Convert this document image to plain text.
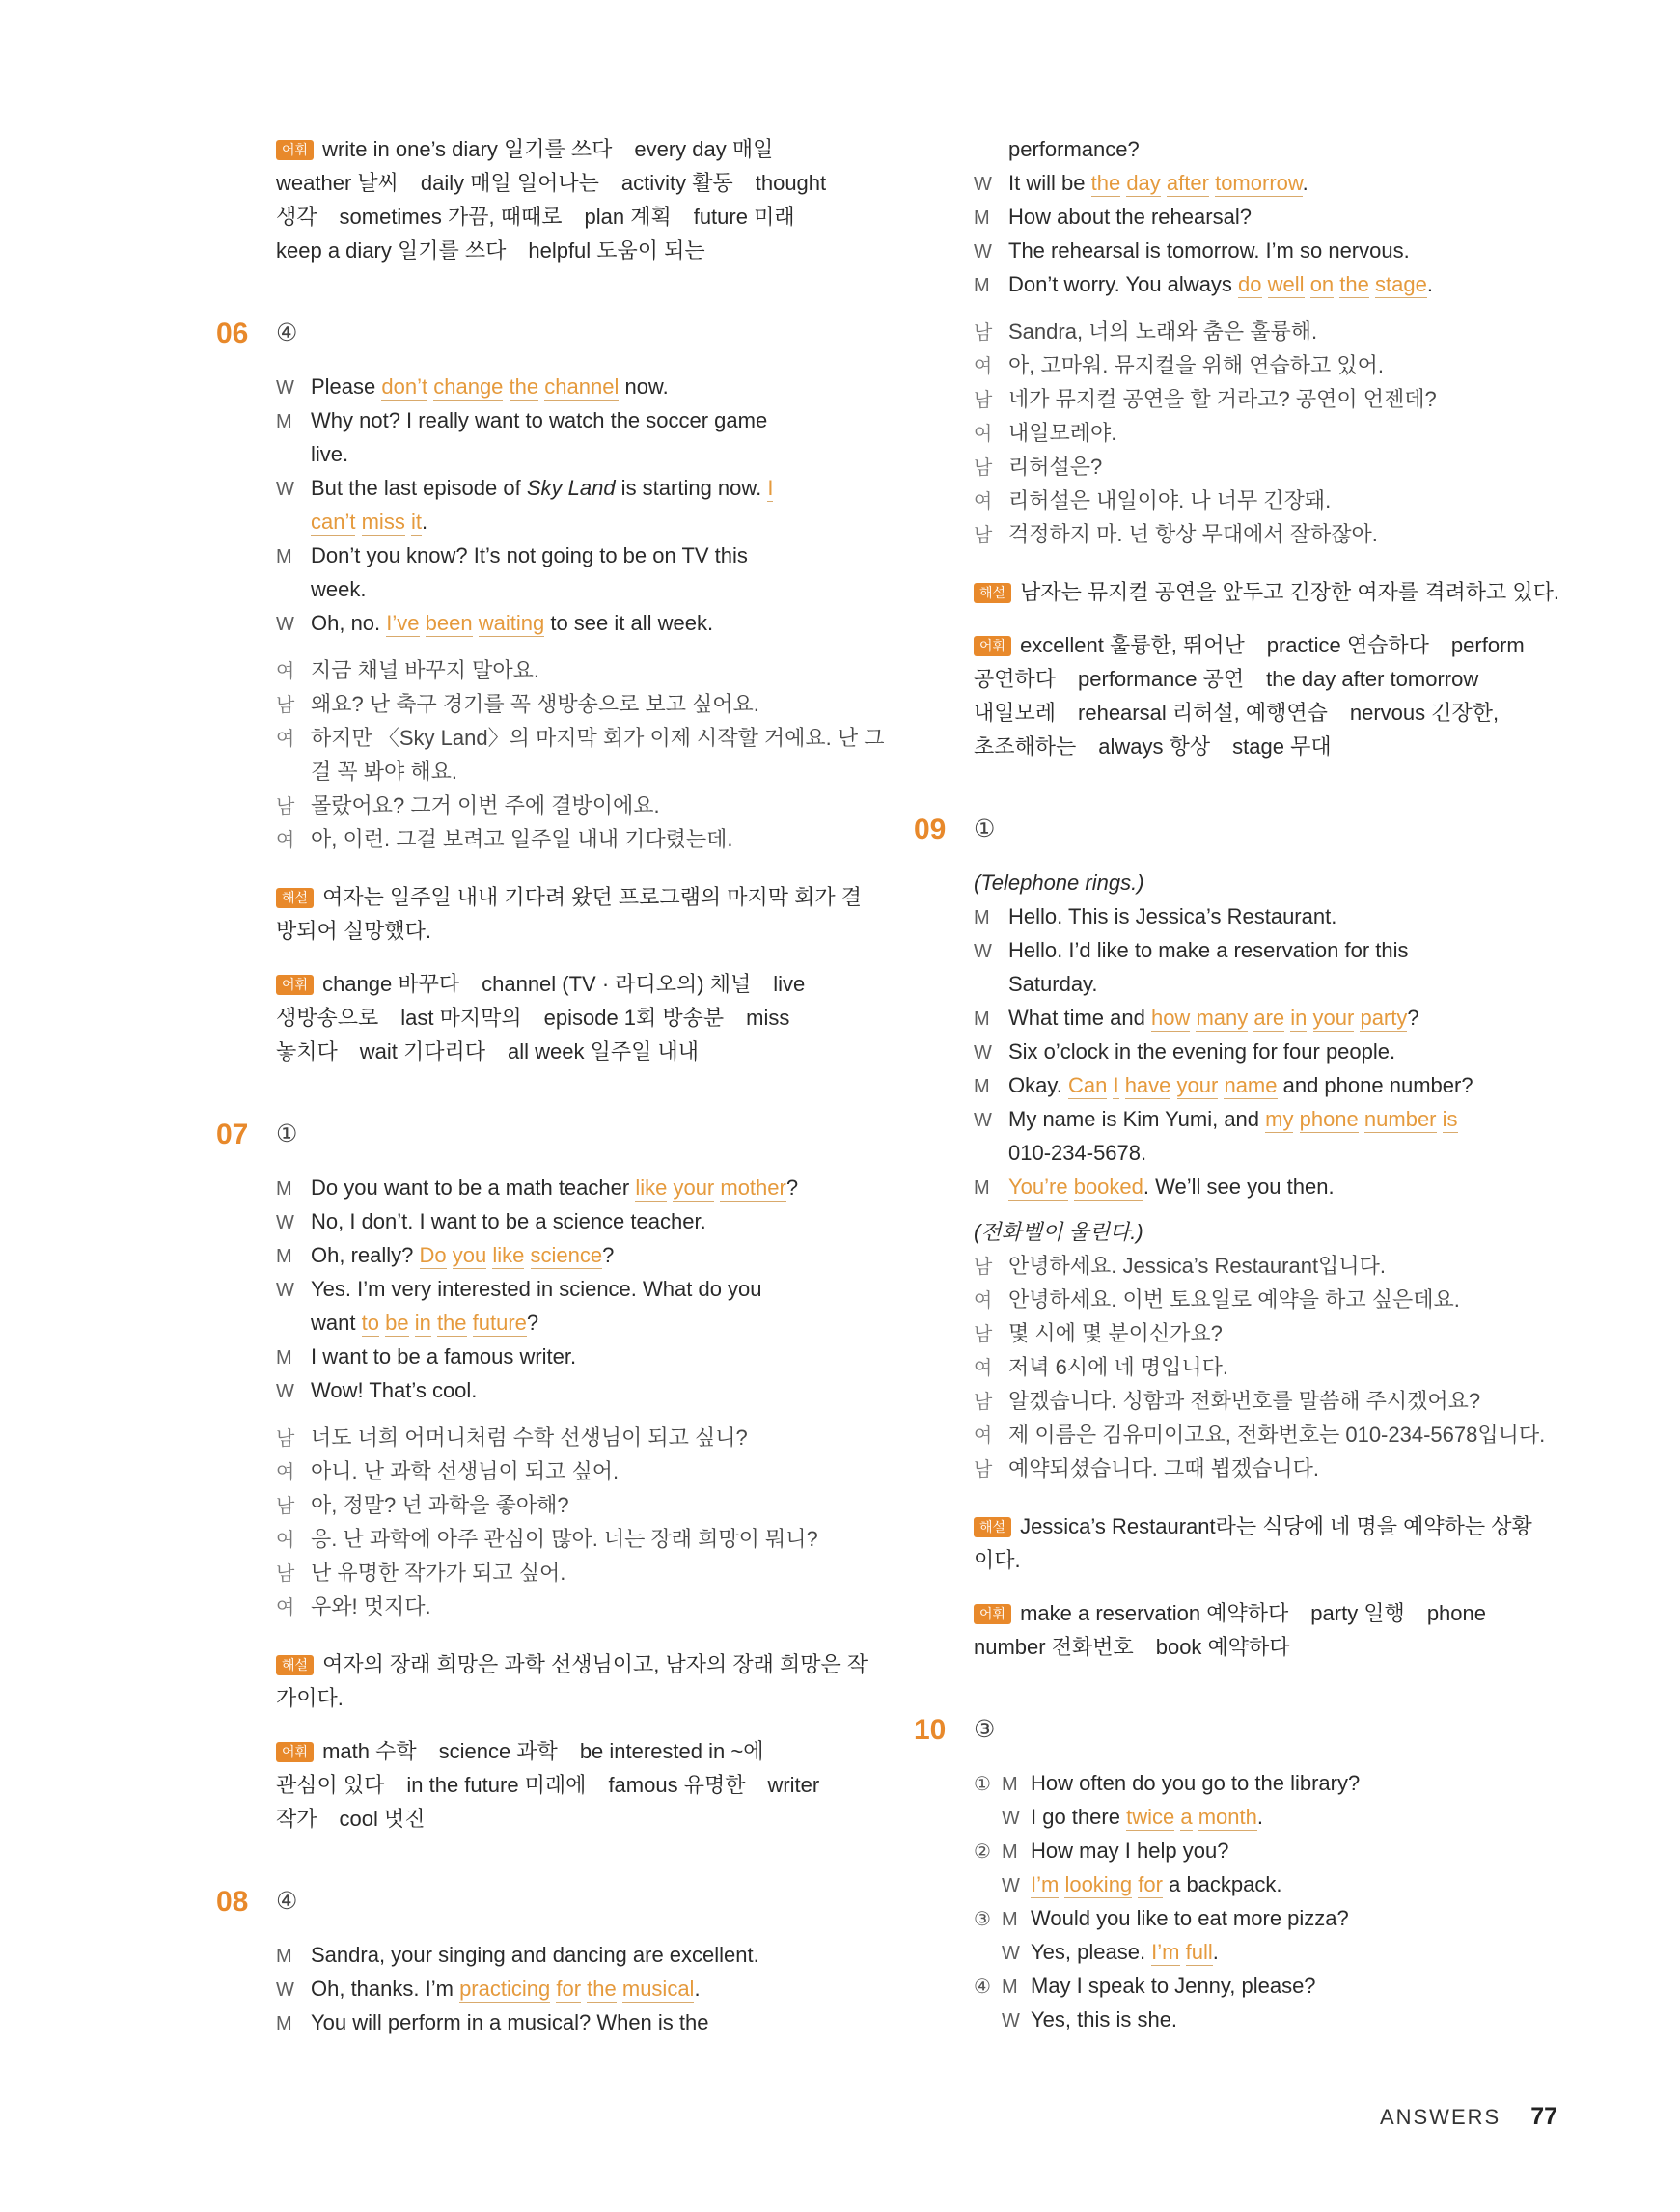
어휘 write in one’s diary 일기를 쓰다 every day 매일
weather 날씨 daily 매일 일어나는 activity 활동 thought
생각 sometimes 가끔, 때때로 plan 계획 future 미래
keep a diary 일기를 쓰다 helpful 도움이 되는
06 ④
W Please don’t change the channel now.
M Why not? I really want to watch the soccer game
live.
W But the last episode of Sky Land is starting now. I
can’t miss it.
M Don’t you know? It’s not going to be on TV this
week.
W Oh, no. I’ve been waiting to see it all week.
여 지금 채널 바꾸지 말아요.
남 왜요? 난 축구 경기를 꼭 생방송으로 보고 싶어요.
여 하지만 〈Sky Land〉의 마지막 회가 이제 시작할 거예요. 난 그
걸 꼭 봐야 해요.
남 몰랐어요? 그거 이번 주에 결방이에요.
여 아, 이런. 그걸 보려고 일주일 내내 기다렸는데.
해설 여자는 일주일 내내 기다려 왔던 프로그램의 마지막 회가 결
방되어 실망했다.
어휘 change 바꾸다 channel (TV · 라디오의) 채널 live
생방송으로 last 마지막의 episode 1회 방송분 miss
놓치다 wait 기다리다 all week 일주일 내내
07 ①
M Do you want to be a math teacher like your mother?
W No, I don’t. I want to be a science teacher.
M Oh, really? Do you like science?
W Yes. I’m very interested in science. What do you
want to be in the future?
M I want to be a famous writer.
W Wow! That’s cool.
남 너도 너희 어머니처럼 수학 선생님이 되고 싶니?
여 아니. 난 과학 선생님이 되고 싶어.
남 아, 정말? 넌 과학을 좋아해?
여 응. 난 과학에 아주 관심이 많아. 너는 장래 희망이 뭐니?
남 난 유명한 작가가 되고 싶어.
여 우와! 멋지다.
해설 여자의 장래 희망은 과학 선생님이고, 남자의 장래 희망은 작
가이다.
어휘 math 수학 science 과학 be interested in ~에
관심이 있다 in the future 미래에 famous 유명한 writer
작가 cool 멋진
08 ④
M Sandra, your singing and dancing are excellent.
W Oh, thanks. I’m practicing for the musical.
M You will perform in a musical? When is the
performance?
W It will be the day after tomorrow.
M How about the rehearsal?
W The rehearsal is tomorrow. I’m so nervous.
M Don’t worry. You always do well on the stage.
남 Sandra, 너의 노래와 춤은 훌륭해.
여 아, 고마워. 뮤지컬을 위해 연습하고 있어.
남 네가 뮤지컬 공연을 할 거라고? 공연이 언젠데?
여 내일모레야.
남 리허설은?
여 리허설은 내일이야. 나 너무 긴장돼.
남 걱정하지 마. 넌 항상 무대에서 잘하잖아.
해설 남자는 뮤지컬 공연을 앞두고 긴장한 여자를 격려하고 있다.
어휘 excellent 훌륭한, 뛰어난 practice 연습하다 perform
공연하다 performance 공연 the day after tomorrow
내일모레 rehearsal 리허설, 예행연습 nervous 긴장한,
초조해하는 always 항상 stage 무대
09 ①
(Telephone rings.)
M Hello. This is Jessica’s Restaurant.
W Hello. I’d like to make a reservation for this
Saturday.
M What time and how many are in your party?
W Six o’clock in the evening for four people.
M Okay. Can I have your name and phone number?
W My name is Kim Yumi, and my phone number is
010-234-5678.
M You’re booked. We’ll see you then.
(전화벨이 울린다.)
남 안녕하세요. Jessica’s Restaurant입니다.
여 안녕하세요. 이번 토요일로 예약을 하고 싶은데요.
남 몇 시에 몇 분이신가요?
여 저녁 6시에 네 명입니다.
남 알겠습니다. 성함과 전화번호를 말씀해 주시겠어요?
여 제 이름은 김유미이고요, 전화번호는 010-234-5678입니다.
남 예약되셨습니다. 그때 뵙겠습니다.
해설 Jessica’s Restaurant라는 식당에 네 명을 예약하는 상황
이다.
어휘 make a reservation 예약하다 party 일행 phone
number 전화번호 book 예약하다
10 ③
① M How often do you go to the library?
W I go there twice a month.
② M How may I help you?
W I’m looking for a backpack.
③ M Would you like to eat more pizza?
W Yes, please. I’m full.
④ M May I speak to Jenny, please?
W Yes, this is she.
ANSWERS 77
